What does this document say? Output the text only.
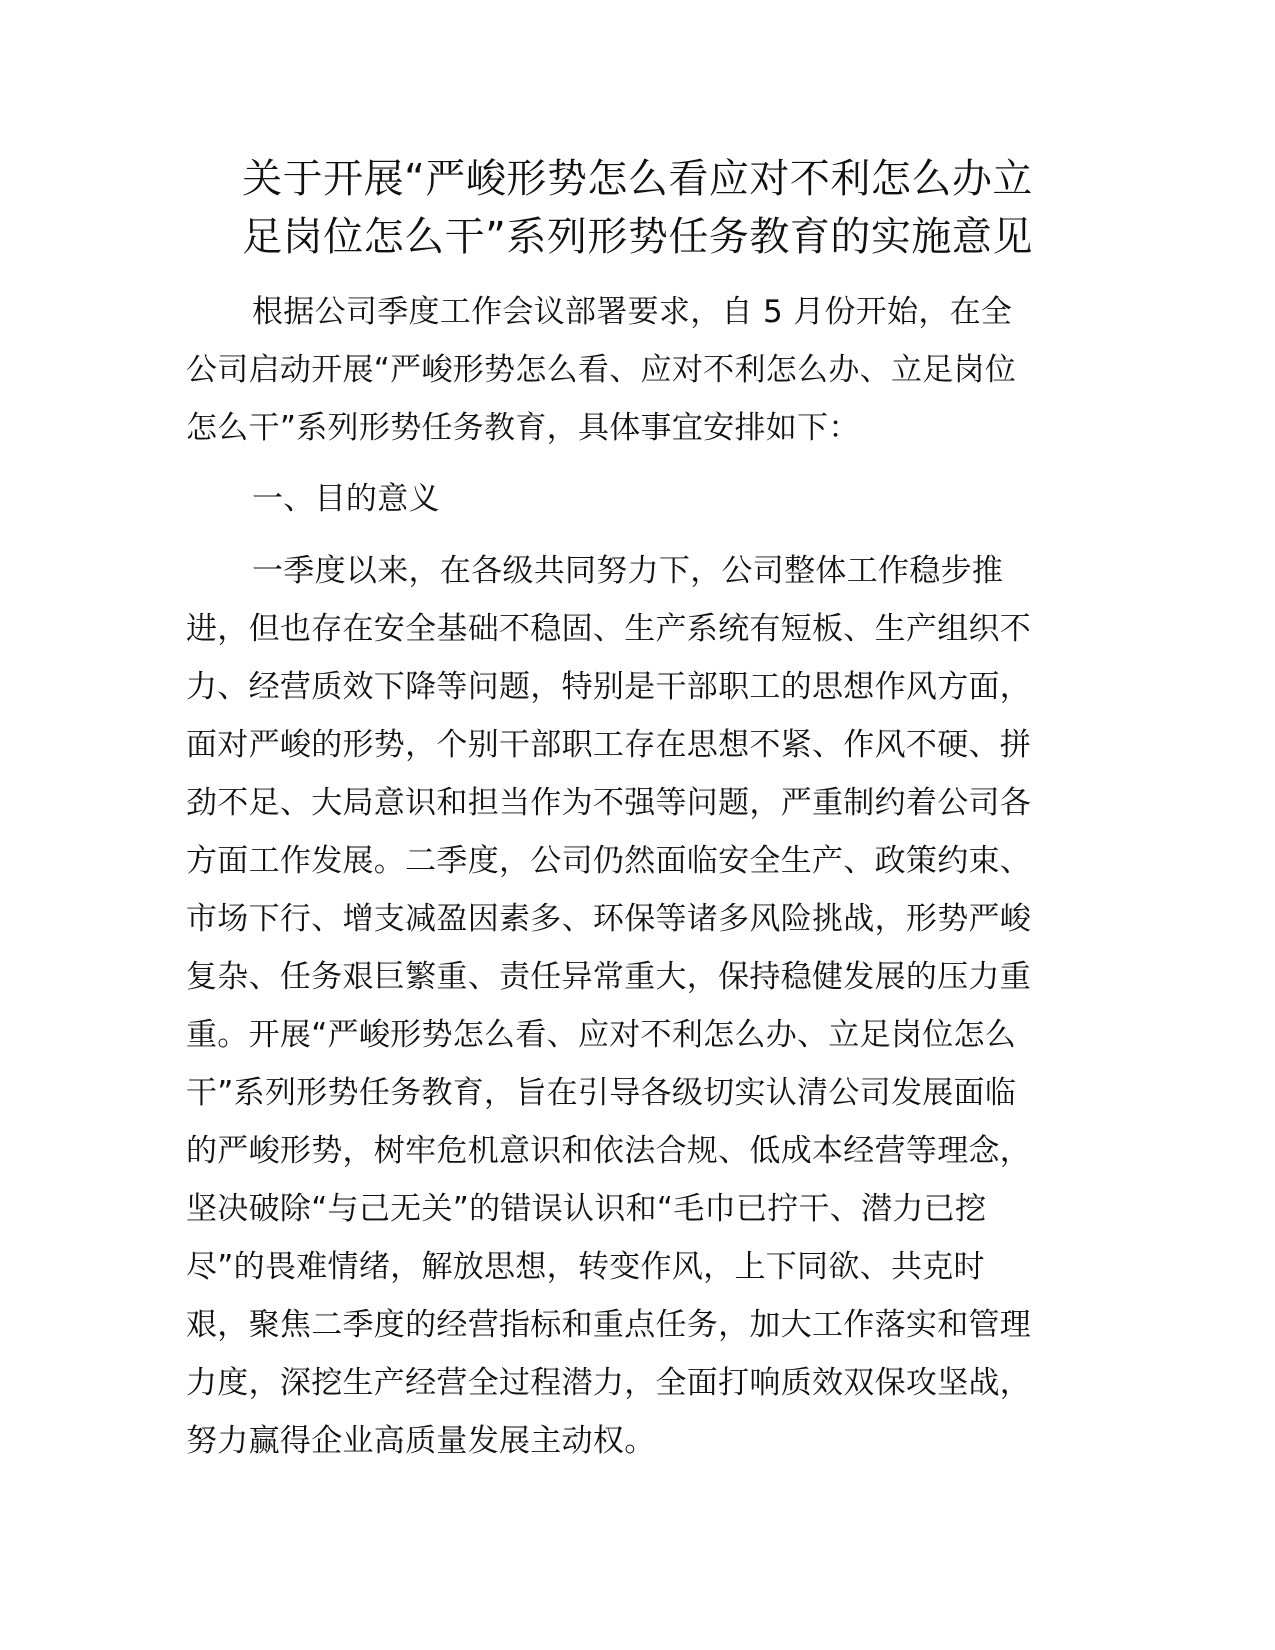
关于开展“严峻形势怎么看应对不利怎么办立
足岗位怎么干”系列形势任务教育的实施意见
根据公司季度工作会议部署要求，自 5 月份开始，在全
公司启动开展“严峻形势怎么看、应对不利怎么办、立足岗位
怎么干”系列形势任务教育，具体事宜安排如下：
一、目的意义
一季度以来，在各级共同努力下，公司整体工作稳步推
进，但也存在安全基础不稳固、生产系统有短板、生产组织不
力、经营质效下降等问题，特别是干部职工的思想作风方面，
面对严峻的形势，个别干部职工存在思想不紧、作风不硬、拼
劲不足、大局意识和担当作为不强等问题，严重制约着公司各
方面工作发展。二季度，公司仍然面临安全生产、政策约束、
市场下行、增支减盈因素多、环保等诸多风险挑战，形势严峻
复杂、任务艰巨繁重、责任异常重大，保持稳健发展的压力重
重。开展“严峻形势怎么看、应对不利怎么办、立足岗位怎么
干”系列形势任务教育，旨在引导各级切实认清公司发展面临
的严峻形势，树牢危机意识和依法合规、低成本经营等理念，
坚决破除“与己无关”的错误认识和“毛巾已拧干、潜力已挖
尽”的畏难情绪，解放思想，转变作风，上下同欲、共克时
艰，聚焦二季度的经营指标和重点任务，加大工作落实和管理
力度，深挖生产经营全过程潜力，全面打响质效双保攻坚战，
努力赢得企业高质量发展主动权。
